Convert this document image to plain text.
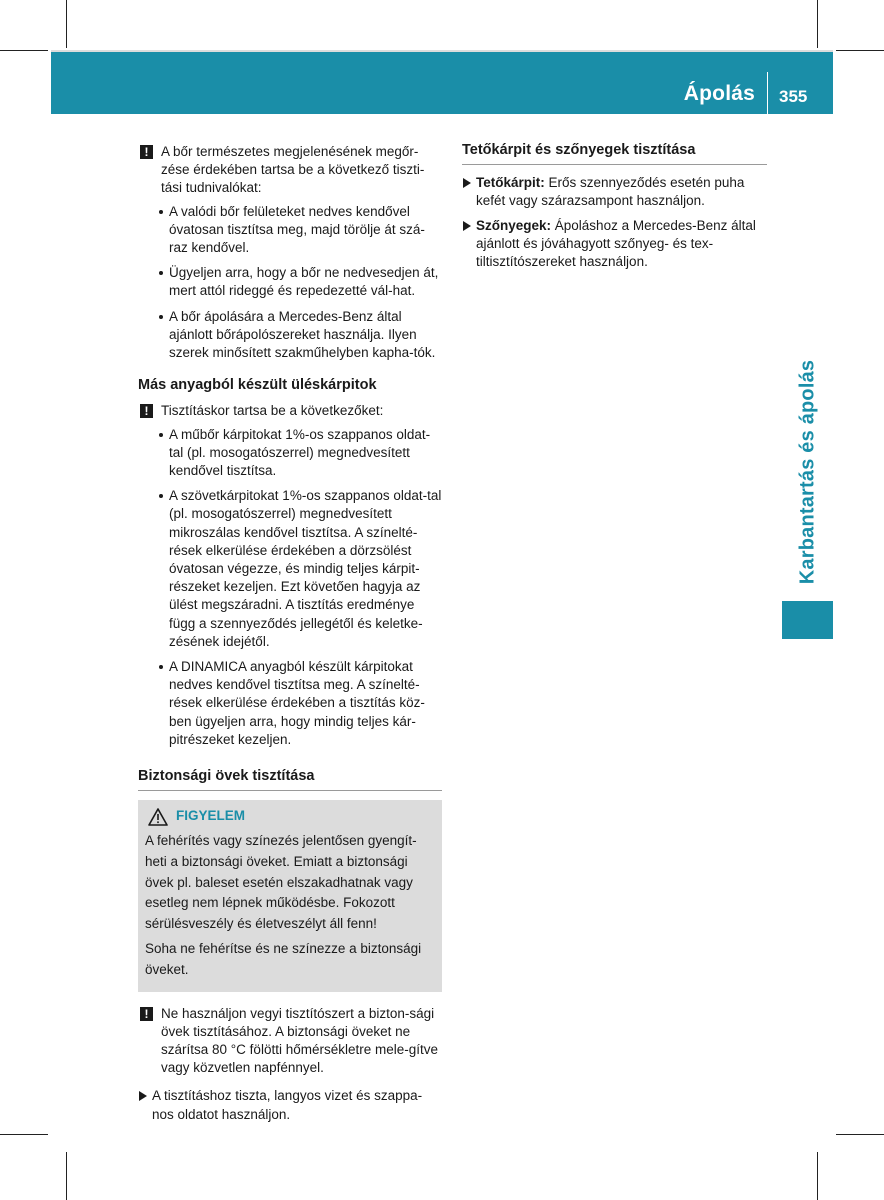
Ápolás 355
Karbantartás és ápolás
! A bőr természetes megjelenésének megőr-zése érdekében tartsa be a következő tiszti-tási tudnivalókat:
A valódi bőr felületeket nedves kendővel óvatosan tisztítsa meg, majd törölje át szá-raz kendővel.
Ügyeljen arra, hogy a bőr ne nedvesedjen át, mert attól rideggé és repedezetté vál-hat.
A bőr ápolására a Mercedes-Benz által ajánlott bőrápolószereket használja. Ilyen szerek minősített szakműhelyben kapha-tók.
Más anyagból készült üléskárpitok
! Tisztításkor tartsa be a következőket:
A műbőr kárpitokat 1%-os szappanos oldat-tal (pl. mosogatószerrel) megnedvesített kendővel tisztítsa.
A szövetkárpitokat 1%-os szappanos oldat-tal (pl. mosogatószerrel) megnedvesített mikroszálas kendővel tisztítsa. A színelté-rések elkerülése érdekében a dörzsölést óvatosan végezze, és mindig teljes kárpit-részeket kezeljen. Ezt követően hagyja az ülést megszáradni. A tisztítás eredménye függ a szennyeződés jellegétől és keletke-zésének idejétől.
A DINAMICA anyagból készült kárpitokat nedves kendővel tisztítsa meg. A színelté-rések elkerülése érdekében a tisztítás köz-ben ügyeljen arra, hogy mindig teljes kár-pitrészeket kezeljen.
Biztonsági övek tisztítása
FIGYELEM

A fehérítés vagy színezés jelentősen gyengít-heti a biztonsági öveket. Emiatt a biztonsági övek pl. baleset esetén elszakadhatnak vagy esetleg nem lépnek működésbe. Fokozott sérülésveszély és életveszélyt áll fenn!

Soha ne fehérítse és ne színezze a biztonsági öveket.

! Ne használjon vegyi tisztítószert a bizton-sági övek tisztításához. A biztonsági öveket ne szárítsa 80 °C fölötti hőmérsékletre mele-gítve vagy közvetlen napfénnyel.
A tisztításhoz tiszta, langyos vizet és szappa-nos oldatot használjon.
Tetőkárpit és szőnyegek tisztítása
Tetőkárpit: Erős szennyeződés esetén puha kefét vagy szárazsampont használjon.
Szőnyegek: Ápoláshoz a Mercedes-Benz által ajánlott és jóváhagyott szőnyeg- és tex-tiltisztítószereket használjon.
